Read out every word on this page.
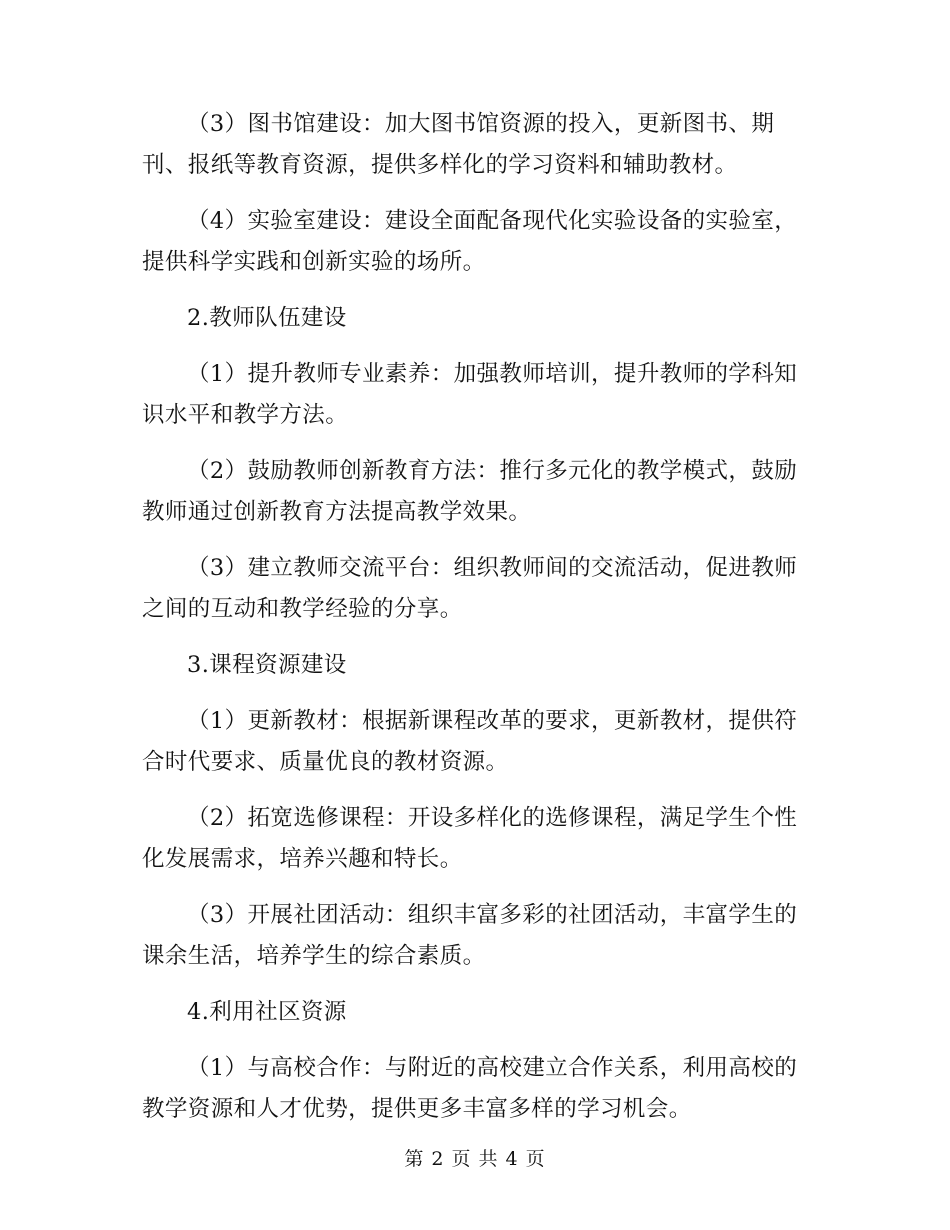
（3）图书馆建设：加大图书馆资源的投入，更新图书、期
刊、报纸等教育资源，提供多样化的学习资料和辅助教材。
（4）实验室建设：建设全面配备现代化实验设备的实验室，
提供科学实践和创新实验的场所。
2.教师队伍建设
（1）提升教师专业素养：加强教师培训，提升教师的学科知
识水平和教学方法。
（2）鼓励教师创新教育方法：推行多元化的教学模式，鼓励
教师通过创新教育方法提高教学效果。
（3）建立教师交流平台：组织教师间的交流活动，促进教师
之间的互动和教学经验的分享。
3.课程资源建设
（1）更新教材：根据新课程改革的要求，更新教材，提供符
合时代要求、质量优良的教材资源。
（2）拓宽选修课程：开设多样化的选修课程，满足学生个性
化发展需求，培养兴趣和特长。
（3）开展社团活动：组织丰富多彩的社团活动，丰富学生的
课余生活，培养学生的综合素质。
4.利用社区资源
（1）与高校合作：与附近的高校建立合作关系，利用高校的
教学资源和人才优势，提供更多丰富多样的学习机会。
第 2 页 共 4 页
